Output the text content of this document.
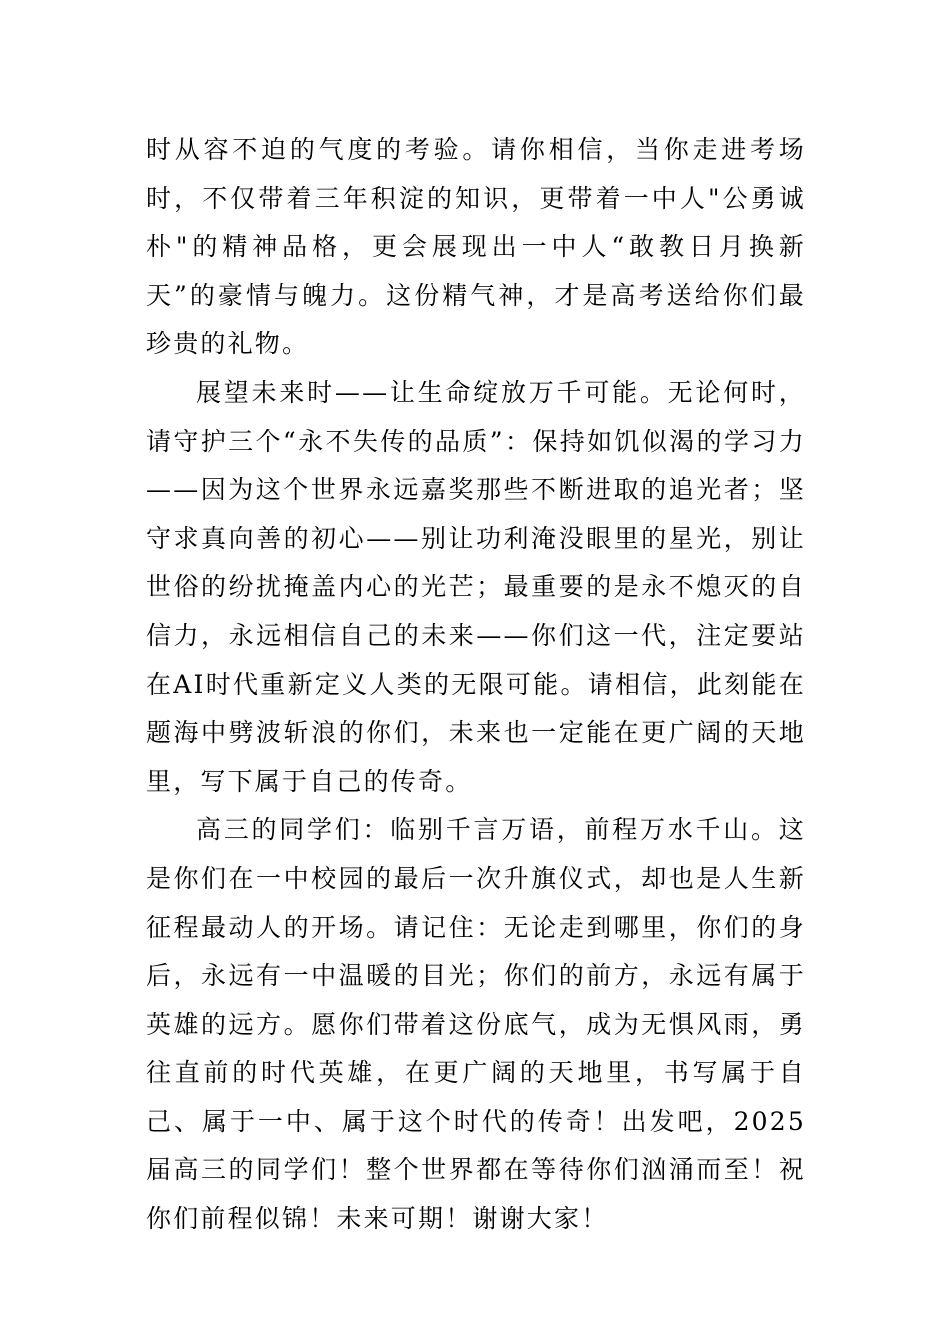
时从容不迫的气度的考验。请你相信，当你走进考场时，不仅带着三年积淀的知识，更带着一中人"公勇诚朴"的精神品格，更会展现出一中人“敢教日月换新天”的豪情与魄力。这份精气神，才是高考送给你们最珍贵的礼物。

展望未来时——让生命绽放万千可能。无论何时，请守护三个“永不失传的品质”：保持如饥似渴的学习力——因为这个世界永远嘉奖那些不断进取的追光者；坚守求真向善的初心——别让功利淹没眼里的星光，别让世俗的纷扰掩盖内心的光芒；最重要的是永不熄灭的自信力，永远相信自己的未来——你们这一代，注定要站在AI时代重新定义人类的无限可能。请相信，此刻能在题海中劈波斩浪的你们，未来也一定能在更广阔的天地里，写下属于自己的传奇。

高三的同学们：临别千言万语，前程万水千山。这是你们在一中校园的最后一次升旗仪式，却也是人生新征程最动人的开场。请记住：无论走到哪里，你们的身后，永远有一中温暖的目光；你们的前方，永远有属于英雄的远方。愿你们带着这份底气，成为无惧风雨，勇往直前的时代英雄，在更广阔的天地里，书写属于自己、属于一中、属于这个时代的传奇！出发吧，2025届高三的同学们！整个世界都在等待你们汹涌而至！祝你们前程似锦！未来可期！谢谢大家！
